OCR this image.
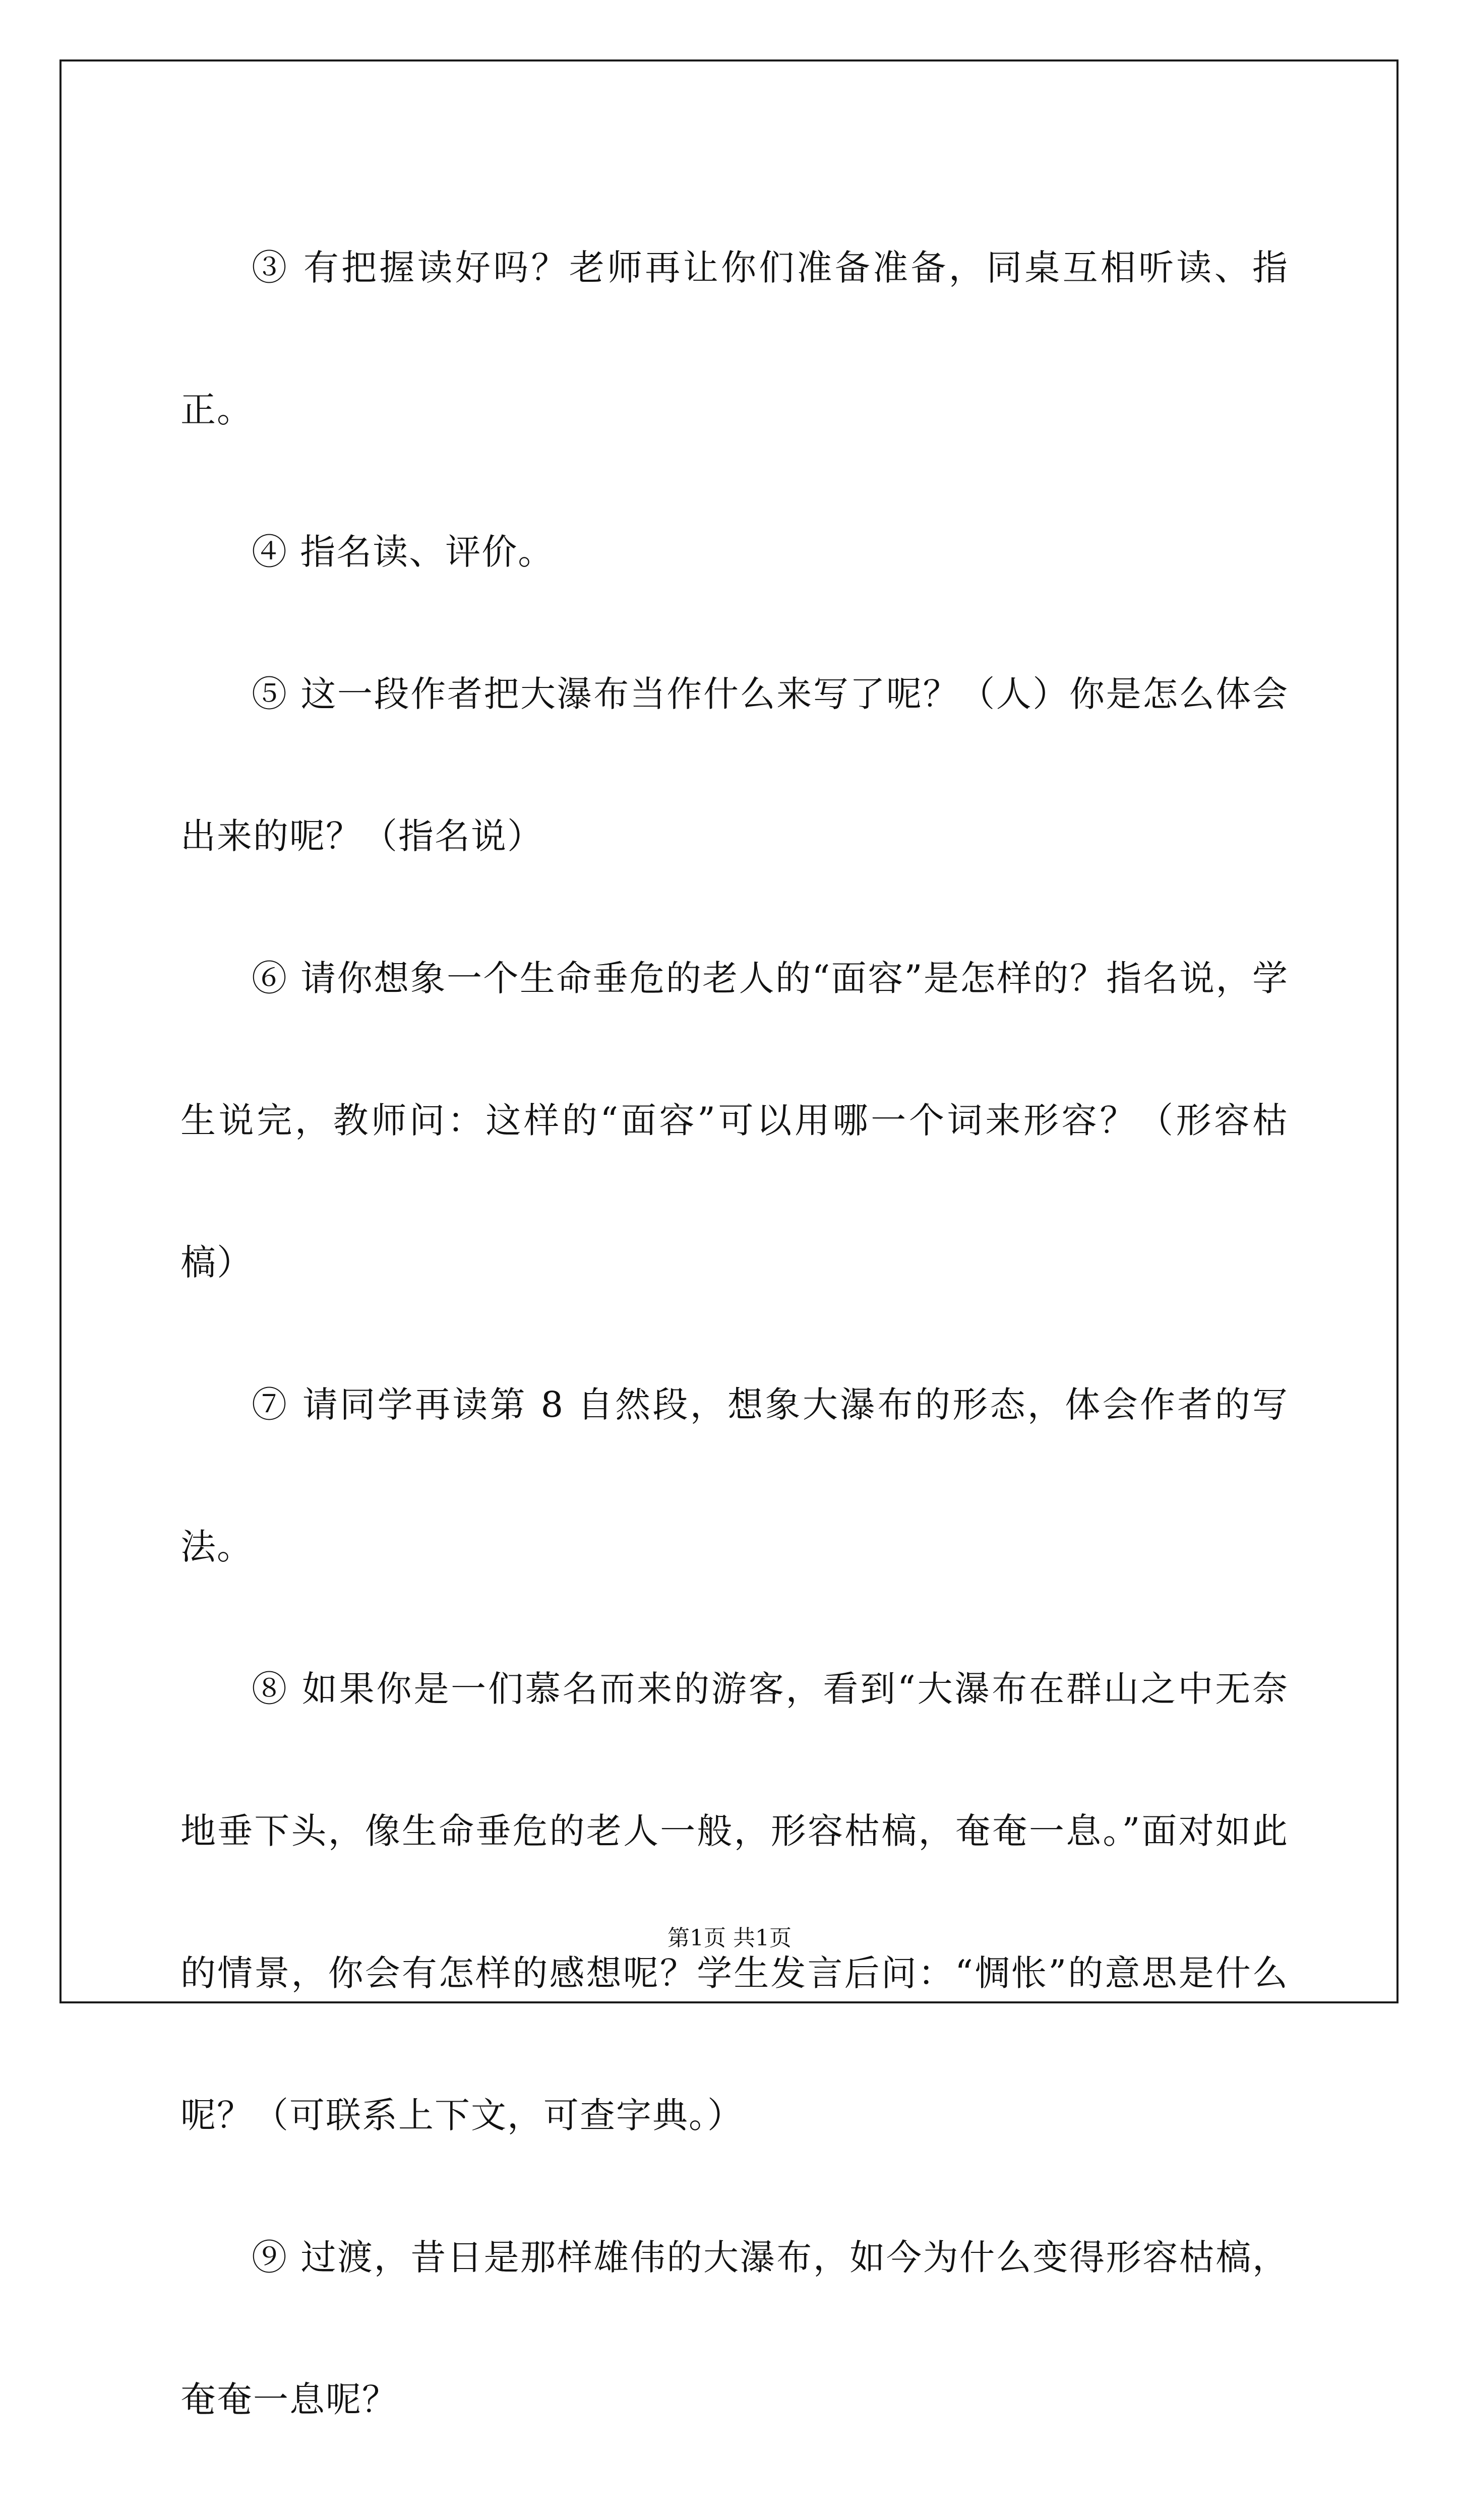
③ 有把握读好吗？老师再让你们准备准备，同桌互相听读、指正。

④ 指名读、评价。

⑤ 这一段作者把大瀑布当作什么来写了呢？（人）你是怎么体会出来的呢？（指名说）

⑥ 请你想象一个生命垂危的老人的“面容”是怎样的？指名说，学生说完，教师问：这样的“面容”可以用哪一个词来形容？（形容枯槁）

⑦ 请同学再读第 8 自然段，想象大瀑布的形态，体会作者的写法。

⑧ 如果你是一们慕名而来的游客，看到“大瀑布在群山之中无奈地垂下头，像生命垂危的老人一般，形容枯槁，奄奄一息。”面对如此的情景，你会有怎样的感想呢？学生发言后问：“惆怅”的意思是什么呢？（可联系上下文，可查字典。）

⑨ 过渡，昔日是那样雄伟的大瀑布，如今为什么变得形容枯槁，奄奄一息呢？

第1页 共1页
